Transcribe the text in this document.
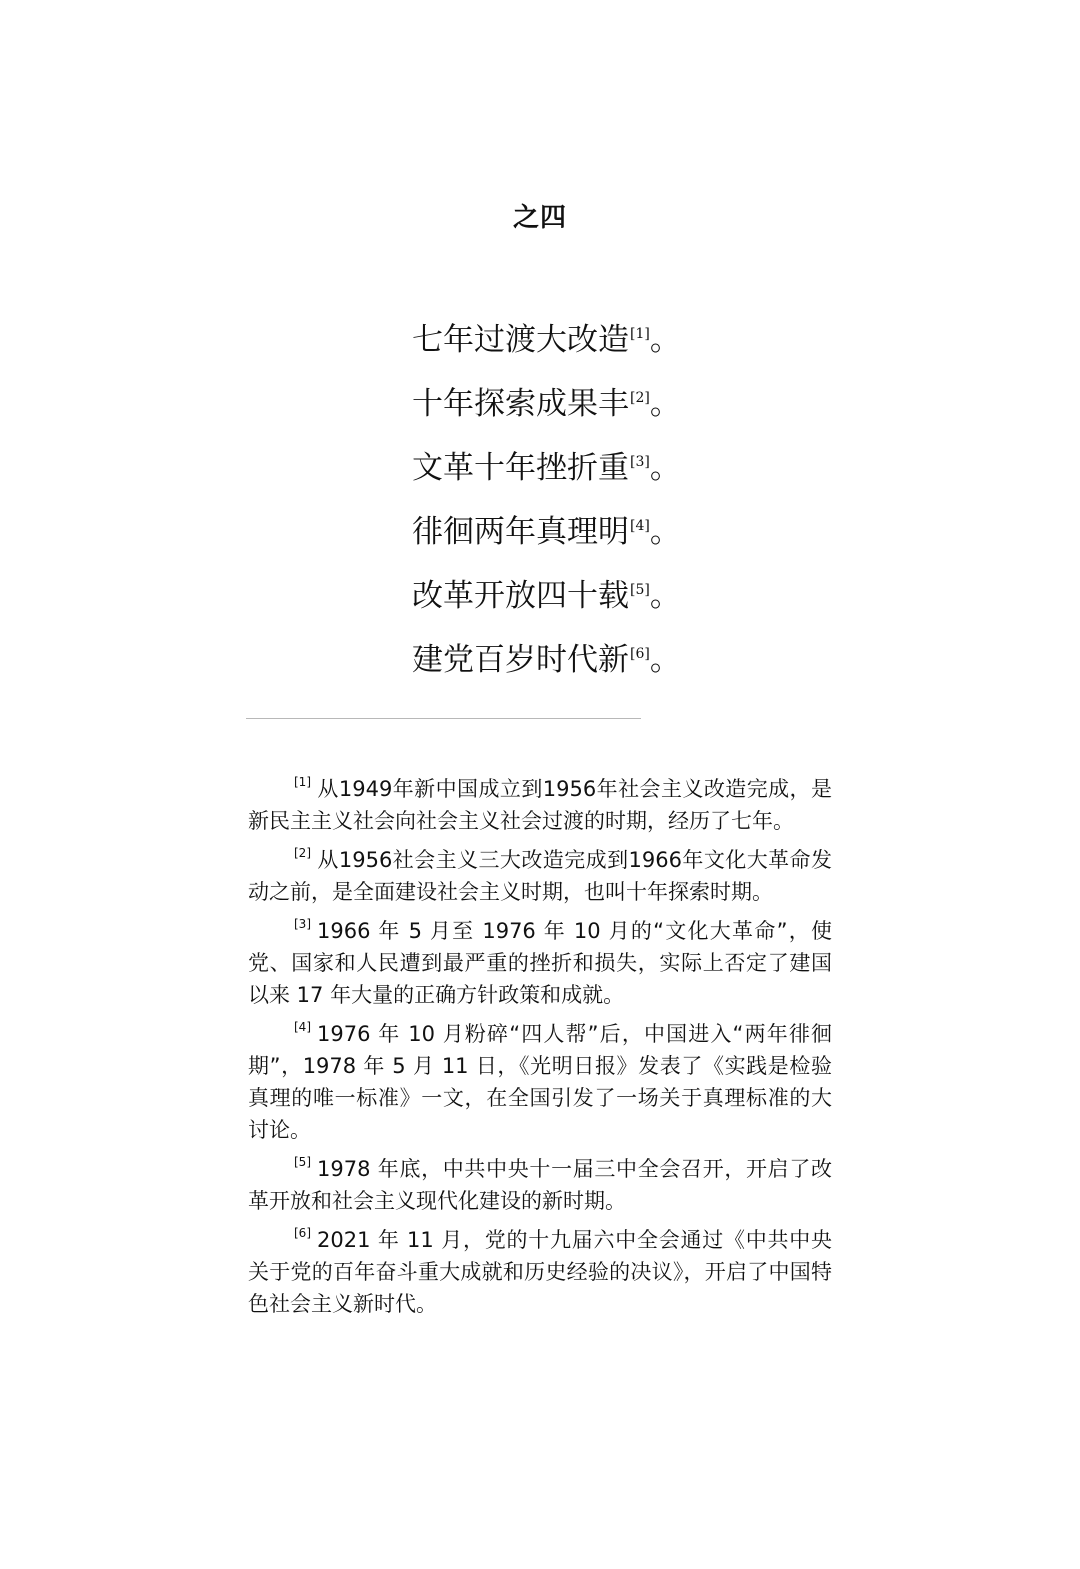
之四
七年过渡大改造[1]。
十年探索成果丰[2]。
文革十年挫折重[3]。
徘徊两年真理明[4]。
改革开放四十载[5]。
建党百岁时代新[6]。

[1] 从1949年新中国成立到1956年社会主义改造完成，是新民主主义社会向社会主义社会过渡的时期，经历了七年。

[2] 从1956社会主义三大改造完成到1966年文化大革命发动之前，是全面建设社会主义时期，也叫十年探索时期。

[3] 1966 年 5 月至 1976 年 10 月的“文化大革命”，使党、国家和人民遭到最严重的挫折和损失，实际上否定了建国以来 17 年大量的正确方针政策和成就。

[4] 1976 年 10 月粉碎“四人帮”后，中国进入“两年徘徊期”，1978 年 5 月 11 日，《光明日报》发表了《实践是检验真理的唯一标准》一文，在全国引发了一场关于真理标准的大讨论。

[5] 1978 年底，中共中央十一届三中全会召开，开启了改革开放和社会主义现代化建设的新时期。

[6] 2021 年 11 月，党的十九届六中全会通过《中共中央关于党的百年奋斗重大成就和历史经验的决议》，开启了中国特色社会主义新时代。
